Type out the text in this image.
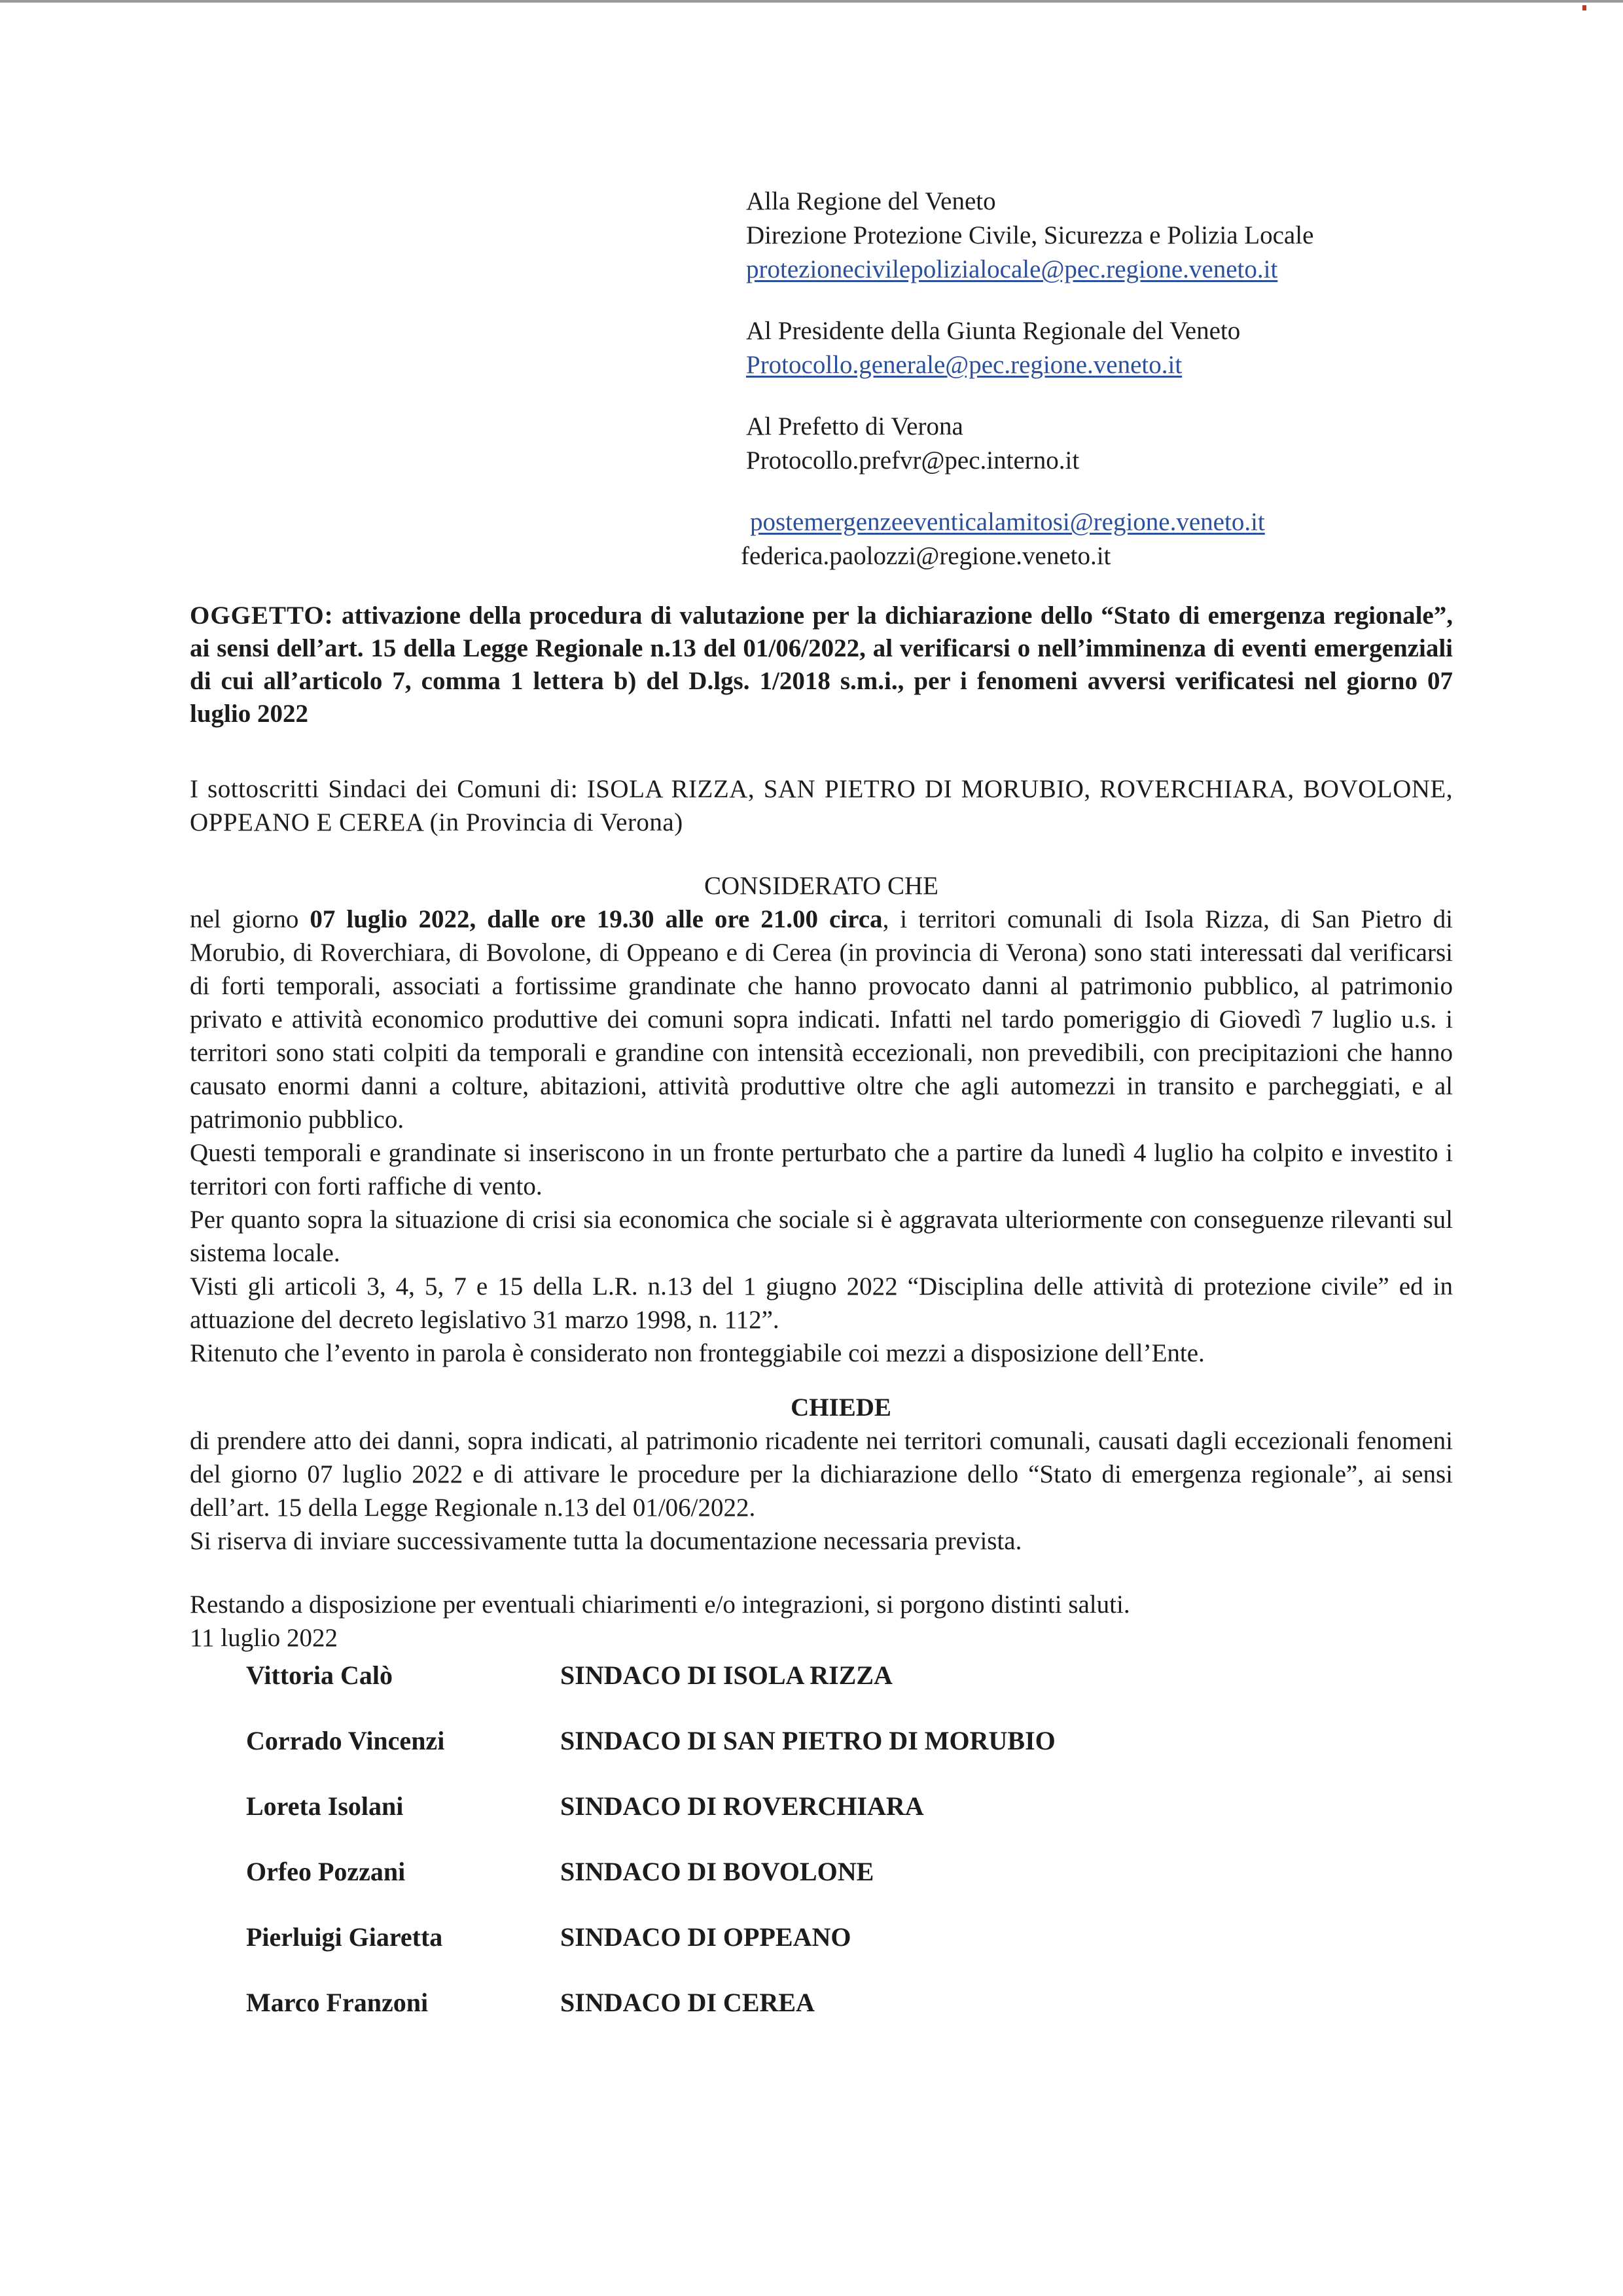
Alla Regione del Veneto
Direzione Protezione Civile, Sicurezza e Polizia Locale
protezionecivilepolizialocale@pec.regione.veneto.it
Al Presidente della Giunta Regionale del Veneto
Protocollo.generale@pec.regione.veneto.it
Al Prefetto di Verona
Protocollo.prefvr@pec.interno.it
postemergenzeeventicalamitosi@regione.veneto.it
federica.paolozzi@regione.veneto.it
OGGETTO: attivazione della procedura di valutazione per la dichiarazione dello “Stato di emergenza regionale”, ai sensi dell’art. 15 della Legge Regionale n.13 del 01/06/2022, al verificarsi o nell’imminenza di eventi emergenziali di cui all’articolo 7, comma 1 lettera b) del D.lgs. 1/2018 s.m.i., per i fenomeni avversi verificatesi nel giorno 07 luglio 2022
I sottoscritti Sindaci dei Comuni di: ISOLA RIZZA, SAN PIETRO DI MORUBIO, ROVERCHIARA, BOVOLONE, OPPEANO E CEREA (in Provincia di Verona)
CONSIDERATO CHE
nel giorno 07 luglio 2022, dalle ore 19.30 alle ore 21.00 circa, i territori comunali di Isola Rizza, di San Pietro di Morubio, di Roverchiara, di Bovolone, di Oppeano e di Cerea (in provincia di Verona) sono stati interessati dal verificarsi di forti temporali, associati a fortissime grandinate che hanno provocato danni al patrimonio pubblico, al patrimonio privato e attività economico produttive dei comuni sopra indicati. Infatti nel tardo pomeriggio di Giovedì 7 luglio u.s. i territori sono stati colpiti da temporali e grandine con intensità eccezionali, non prevedibili, con precipitazioni che hanno causato enormi danni a colture, abitazioni, attività produttive oltre che agli automezzi in transito e parcheggiati, e al patrimonio pubblico.
Questi temporali e grandinate si inseriscono in un fronte perturbato che a partire da lunedì 4 luglio ha colpito e investito i territori con forti raffiche di vento.
Per quanto sopra la situazione di crisi sia economica che sociale si è aggravata ulteriormente con conseguenze rilevanti sul sistema locale.
Visti gli articoli 3, 4, 5, 7 e 15 della L.R. n.13 del 1 giugno 2022 “Disciplina delle attività di protezione civile” ed in attuazione del decreto legislativo 31 marzo 1998, n. 112”.
Ritenuto che l’evento in parola è considerato non fronteggiabile coi mezzi a disposizione dell’Ente.
CHIEDE
di prendere atto dei danni, sopra indicati, al patrimonio ricadente nei territori comunali, causati dagli eccezionali fenomeni del giorno 07 luglio 2022 e di attivare le procedure per la dichiarazione dello “Stato di emergenza regionale”, ai sensi dell’art. 15 della Legge Regionale n.13 del 01/06/2022.
Si riserva di inviare successivamente tutta la documentazione necessaria prevista.
Restando a disposizione per eventuali chiarimenti e/o integrazioni, si porgono distinti saluti.
11 luglio 2022
Vittoria Calò	SINDACO DI ISOLA RIZZA
Corrado Vincenzi	SINDACO DI SAN PIETRO DI MORUBIO
Loreta Isolani	SINDACO DI ROVERCHIARA
Orfeo Pozzani	SINDACO DI BOVOLONE
Pierluigi Giaretta	SINDACO DI OPPEANO
Marco Franzoni	SINDACO DI CEREA
